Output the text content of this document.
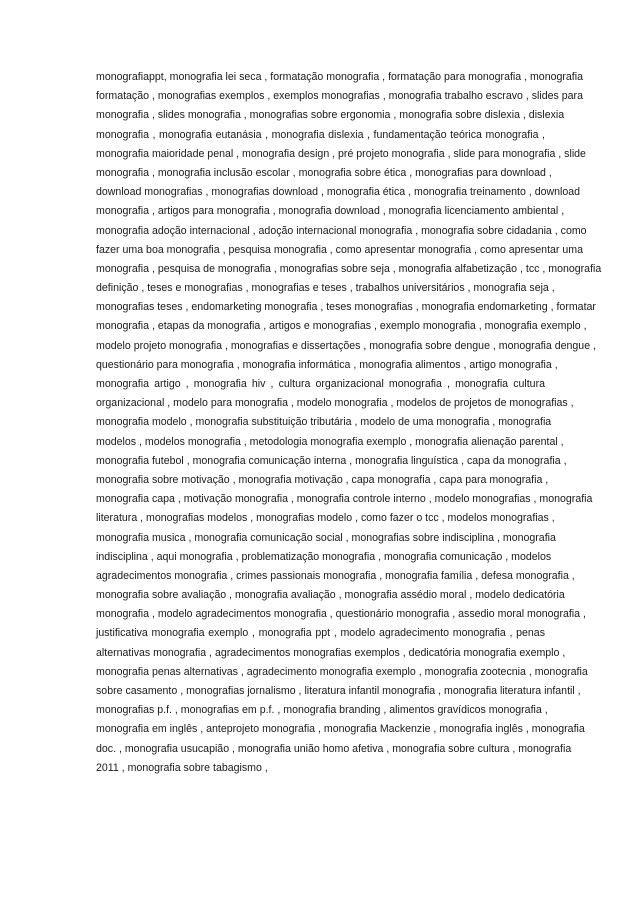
monografiappt, monografia lei seca , formatação monografia , formatação para monografia , monografia
formatação , monografias exemplos , exemplos monografias , monografia trabalho escravo , slides para
monografia , slides monografia , monografias sobre ergonomia , monografia sobre dislexia , dislexia
monografia , monografia eutanásia , monografia dislexia , fundamentação teórica monografia ,
monografia maioridade penal , monografia design , pré projeto monografia , slide para monografia , slide
monografia , monografia inclusão escolar , monografia sobre ética , monografias para download ,
download monografias , monografias download , monografia ética , monografia treinamento , download
monografia , artigos para monografia , monografia download , monografia licenciamento ambiental ,
monografia adoção internacional , adoção internacional monografia , monografia sobre cidadania , como
fazer uma boa monografia , pesquisa monografia , como apresentar monografia , como apresentar uma
monografia , pesquisa de monografia , monografias sobre seja , monografia alfabetização , tcc , monografia
definição , teses e monografias , monografias e teses , trabalhos universitários , monografia seja ,
monografias teses , endomarketing monografia , teses monografias , monografia endomarketing , formatar
monografia , etapas da monografia , artigos e monografias , exemplo monografia , monografia exemplo ,
modelo projeto monografia , monografias e dissertações , monografia sobre dengue , monografia dengue ,
questionário para monografia , monografia informática , monografia alimentos , artigo monografia ,
monografia artigo , monografia hiv , cultura organizacional monografia , monografia cultura
organizacional , modelo para monografia , modelo monografia , modelos de projetos de monografias ,
monografia modelo , monografia substituição tributária , modelo de uma monografia , monografia
modelos , modelos monografia , metodologia monografia exemplo , monografia alienação parental ,
monografia futebol , monografia comunicação interna , monografia linguística , capa da monografia ,
monografia sobre motivação , monografia motivação , capa monografia , capa para monografia ,
monografia capa , motivação monografia , monografia controle interno , modelo monografias , monografia
literatura , monografias modelos , monografias modelo , como fazer o tcc , modelos monografias ,
monografia musica , monografia comunicação social , monografias sobre indisciplina , monografia
indisciplina , aqui monografia , problematização monografia , monografia comunicação , modelos
agradecimentos monografia , crimes passionais monografia , monografia família , defesa monografia ,
monografia sobre avaliação , monografia avaliação , monografia assédio moral , modelo dedicatória
monografia , modelo agradecimentos monografia , questionário monografia , assedio moral monografia ,
justificativa monografia exemplo , monografia ppt , modelo agradecimento monografia , penas
alternativas monografia , agradecimentos monografias exemplos , dedicatória monografia exemplo ,
monografia penas alternativas , agradecimento monografia exemplo , monografia zootecnia , monografia
sobre casamento , monografias jornalismo , literatura infantil monografia , monografia literatura infantil ,
monografias p.f. , monografias em p.f. , monografia branding , alimentos gravídicos monografia ,
monografia em inglês , anteprojeto monografia , monografia Mackenzie , monografia inglês , monografia
doc. , monografia usucapião , monografia união homo afetiva , monografia sobre cultura , monografia
2011 , monografia sobre tabagismo ,
